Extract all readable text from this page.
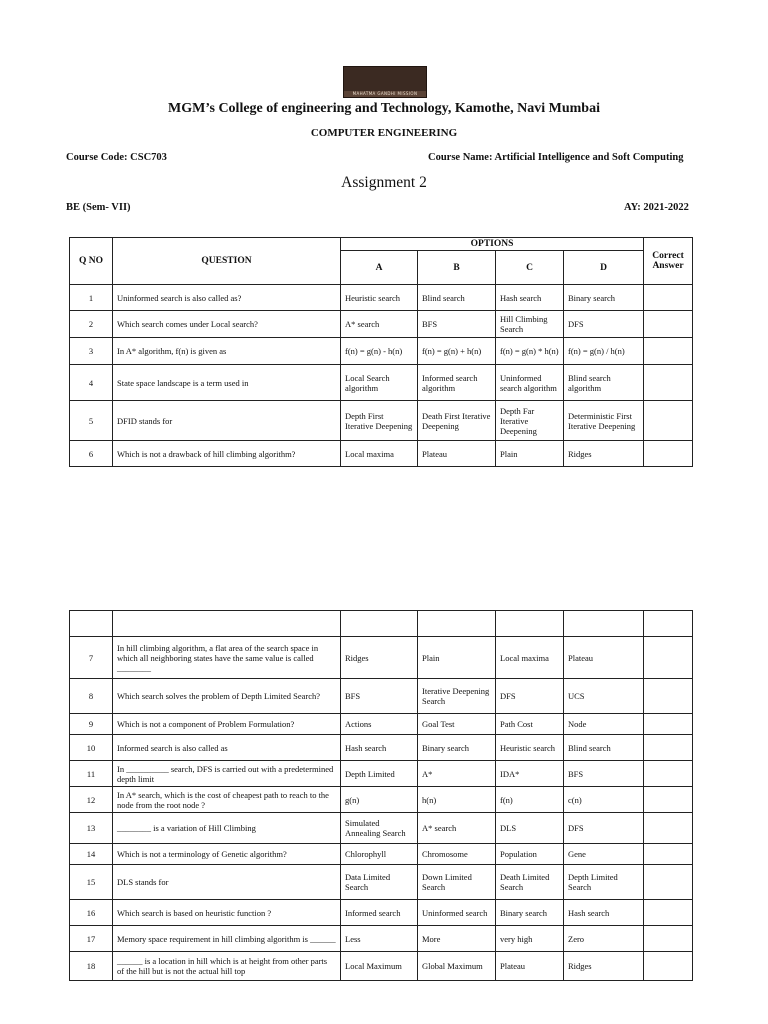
MAHATMA GANDHI MISSION
MGM’s College of engineering and Technology, Kamothe, Navi Mumbai
COMPUTER ENGINEERING
Course Code: CSC703	Course Name: Artificial Intelligence and Soft Computing
Assignment 2
BE (Sem- VII)	AY: 2021-2022
Q NO	QUESTION	OPTIONS				Correct Answer
		A	B	C	D	
1	Uninformed search is also called as?	Heuristic search	Blind search	Hash search	Binary search	
2	Which search comes under Local search?	A* search	BFS	Hill Climbing Search	DFS	
3	In A* algorithm, f(n) is given as	f(n) = g(n) - h(n)	f(n) = g(n) + h(n)	f(n) = g(n) * h(n)	f(n) = g(n) / h(n)	
4	State space landscape is a term used in	Local Search algorithm	Informed search algorithm	Uninformed search algorithm	Blind search algorithm	
5	DFID stands for	Depth First Iterative Deepening	Death First Iterative Deepening	Depth Far Iterative Deepening	Deterministic First Iterative Deepening	
6	Which is not a drawback of hill climbing algorithm?	Local maxima	Plateau	Plain	Ridges	

7	In hill climbing algorithm, a flat area of the search space in which all neighboring states have the same value is called ________	Ridges	Plain	Local maxima	Plateau	
8	Which search solves the problem of Depth Limited Search?	BFS	Iterative Deepening Search	DFS	UCS	
9	Which is not a component of Problem Formulation?	Actions	Goal Test	Path Cost	Node	
10	Informed search is also called as	Hash search	Binary search	Heuristic search	Blind search	
11	In __________ search, DFS is carried out with a predetermined depth limit	Depth Limited	A*	IDA*	BFS	
12	In A* search, which is the cost of cheapest path to reach to the node from the root node ?	g(n)	h(n)	f(n)	c(n)	
13	________ is a variation of Hill Climbing	Simulated Annealing Search	A* search	DLS	DFS	
14	Which is not a terminology of Genetic algorithm?	Chlorophyll	Chromosome	Population	Gene	
15	DLS stands for	Data Limited Search	Down Limited Search	Death Limited Search	Depth Limited Search	
16	Which search is based on heuristic function ?	Informed search	Uninformed search	Binary search	Hash search	
17	Memory space requirement in hill climbing algorithm is ______	Less	More	very high	Zero	
18	______ is a location in hill which is at height from other parts of the hill but is not the actual hill top	Local Maximum	Global Maximum	Plateau	Ridges	
